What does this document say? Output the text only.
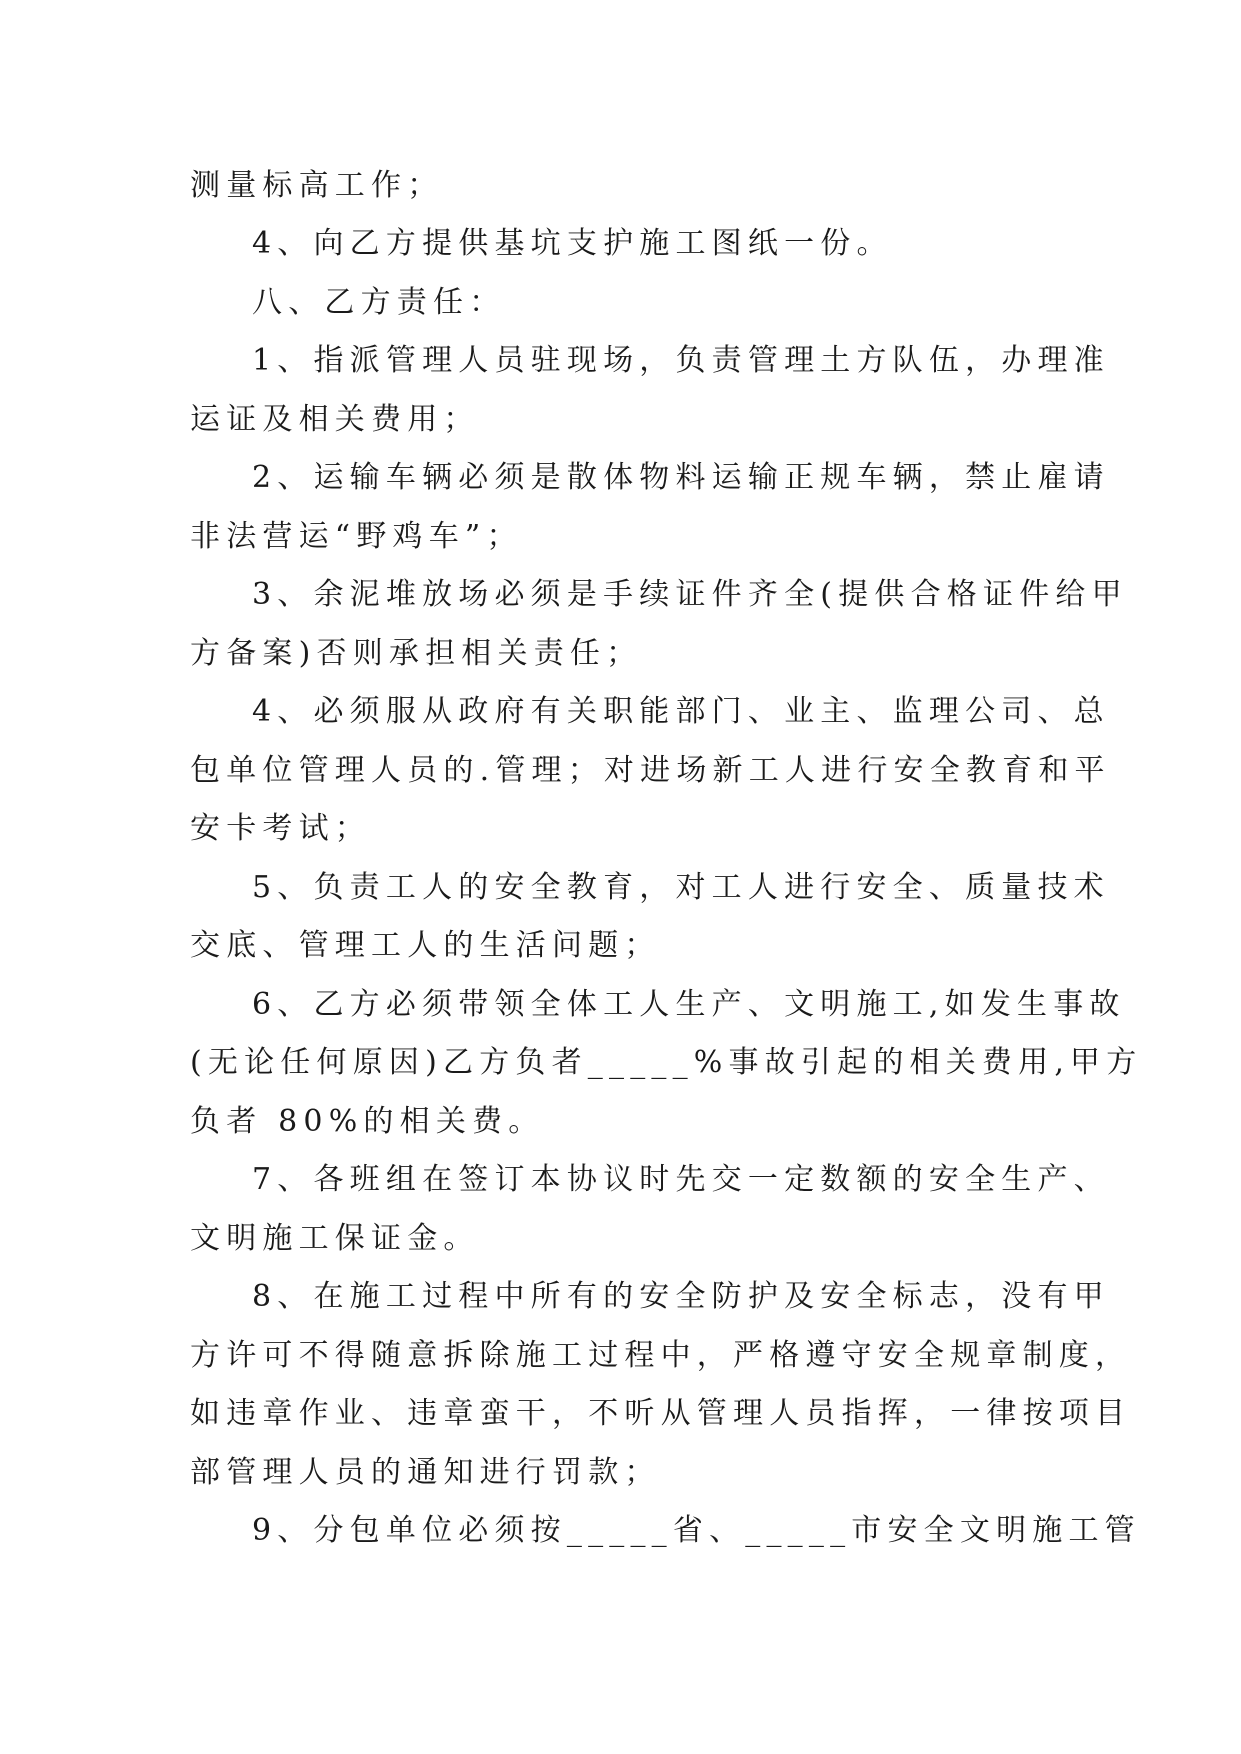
测量标高工作；
4、向乙方提供基坑支护施工图纸一份。
八、乙方责任：
1、指派管理人员驻现场，负责管理土方队伍，办理准
运证及相关费用；
2、运输车辆必须是散体物料运输正规车辆，禁止雇请
非法营运“野鸡车”；
3、余泥堆放场必须是手续证件齐全(提供合格证件给甲
方备案)否则承担相关责任；
4、必须服从政府有关职能部门、业主、监理公司、总
包单位管理人员的.管理；对进场新工人进行安全教育和平
安卡考试；
5、负责工人的安全教育，对工人进行安全、质量技术
交底、管理工人的生活问题；
6、乙方必须带领全体工人生产、文明施工,如发生事故
(无论任何原因)乙方负者_____%事故引起的相关费用,甲方
负者 80%的相关费。
7、各班组在签订本协议时先交一定数额的安全生产、
文明施工保证金。
8、在施工过程中所有的安全防护及安全标志，没有甲
方许可不得随意拆除施工过程中，严格遵守安全规章制度，
如违章作业、违章蛮干，不听从管理人员指挥，一律按项目
部管理人员的通知进行罚款；
9、分包单位必须按_____省、_____市安全文明施工管
